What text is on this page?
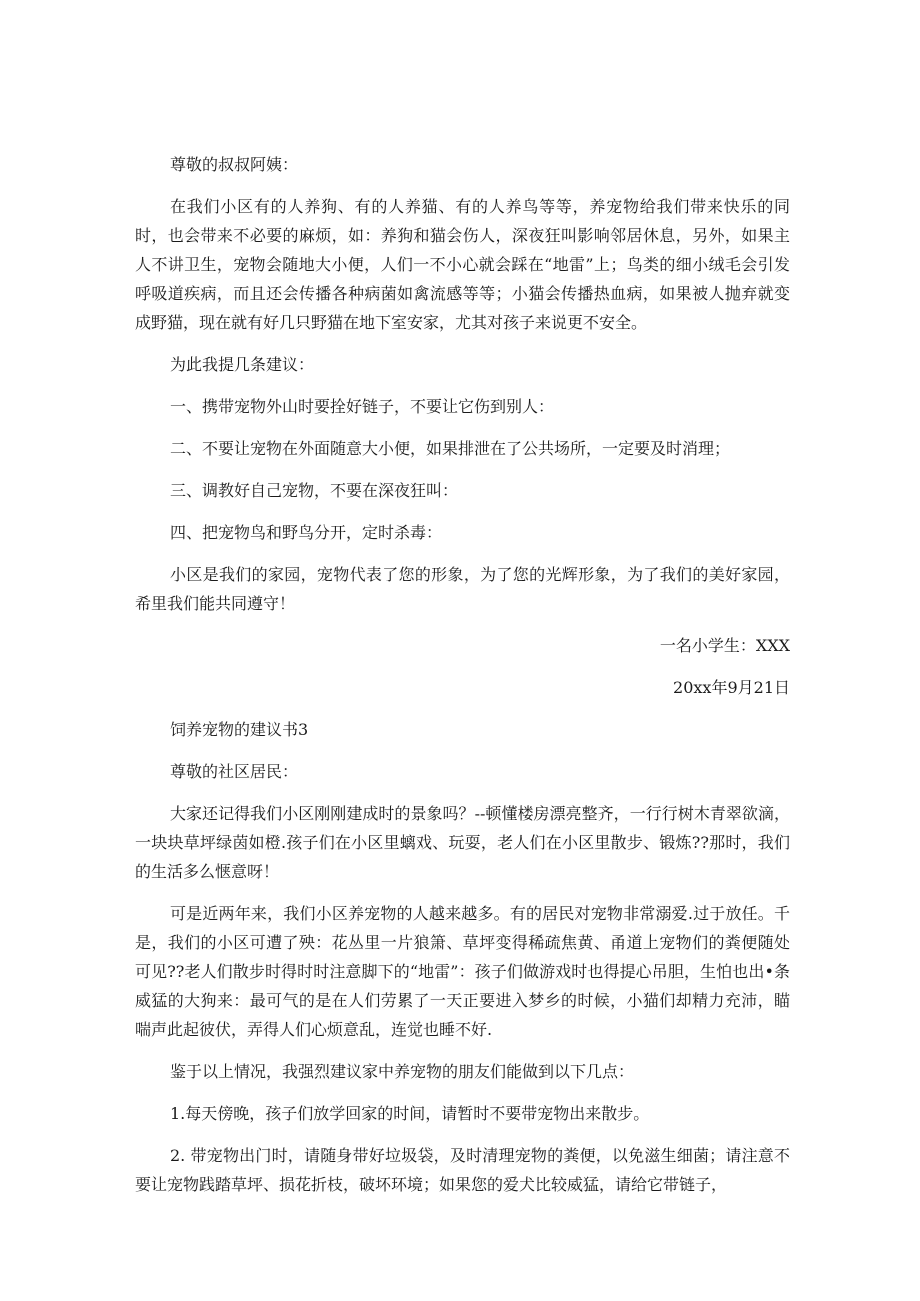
尊敬的叔叔阿姨：

在我们小区有的人养狗、有的人养猫、有的人养鸟等等，养宠物给我们带来快乐的同时，也会带来不必要的麻烦，如：养狗和猫会伤人，深夜狂叫影响邻居休息，另外，如果主人不讲卫生，宠物会随地大小便，人们一不小心就会踩在“地雷”上；鸟类的细小绒毛会引发呼吸道疾病，而且还会传播各种病菌如禽流感等等；小猫会传播热血病，如果被人抛弃就变成野猫，现在就有好几只野猫在地下室安家，尤其对孩子来说更不安全。

为此我提几条建议：

一、携带宠物外山时要拴好链子，不要让它伤到别人：

二、不要让宠物在外面随意大小便，如果排泄在了公共场所，一定要及时消理；

三、调教好自己宠物，不要在深夜狂叫：

四、把宠物鸟和野鸟分开，定时杀毒：

小区是我们的家园，宠物代表了您的形象，为了您的光辉形象，为了我们的美好家园，希里我们能共同遵守！

一名小学生：XXX

20xx年9月21日

饲养宠物的建议书3

尊敬的社区居民：

大家还记得我们小区刚刚建成时的景象吗？--顿懂楼房漂亮整齐，一行行树木青翠欲滴，一块块草坪绿茵如橙.孩子们在小区里螭戏、玩耍，老人们在小区里散步、锻炼??那时，我们的生活多么惬意呀！

可是近两年来，我们小区养宠物的人越来越多。有的居民对宠物非常溺爱.过于放任。千是，我们的小区可遭了殃：花丛里一片狼箫、草坪变得稀疏焦黄、甬道上宠物们的粪便随处可见??老人们散步时得时时注意脚下的“地雷”：孩子们做游戏时也得提心吊胆，生怕也出•条威猛的大狗来：最可气的是在人们劳累了一天正要进入梦乡的时候，小猫们却精力充沛，瞄喘声此起彼伏，弄得人们心烦意乱，连觉也睡不好.

鉴于以上情况，我强烈建议家中养宠物的朋友们能做到以下几点：

1.每天傍晚，孩子们放学回家的时间，请暂时不要带宠物出来散步。

2. 带宠物出门时，请随身带好垃圾袋，及时清理宠物的粪便，以免滋生细菌；请注意不要让宠物践踏草坪、损花折枝，破坏环境；如果您的爱犬比较威猛，请给它带链子，
